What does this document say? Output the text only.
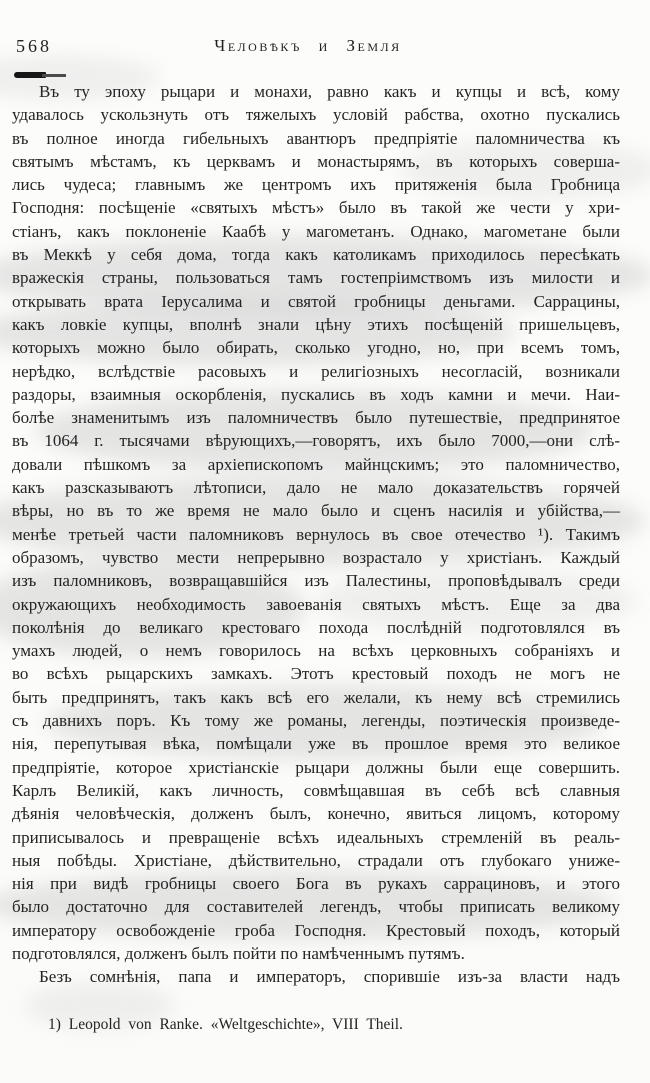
568	Человѣкъ и Земля
Въ ту эпоху рыцари и монахи, равно какъ и купцы и всѣ, кому
удавалось ускользнуть отъ тяжелыхъ условій рабства, охотно пускались
въ полное иногда гибельныхъ авантюръ предпріятіе паломничества къ
святымъ мѣстамъ, къ церквамъ и монастырямъ, въ которыхъ соверша-
лись чудеса; главнымъ же центромъ ихъ притяженія была Гробница
Господня: посѣщеніе «святыхъ мѣстъ» было въ такой же чести у хри-
стіанъ, какъ поклоненіе Каабѣ у магометанъ. Однако, магометане были
въ Меккѣ у себя дома, тогда какъ католикамъ приходилось пересѣкать
вражескія страны, пользоваться тамъ гостепріимствомъ изъ милости и
открывать врата Іерусалима и святой гробницы деньгами. Саррацины,
какъ ловкіе купцы, вполнѣ знали цѣну этихъ посѣщеній пришельцевъ,
которыхъ можно было обирать, сколько угодно, но, при всемъ томъ,
нерѣдко, вслѣдствіе расовыхъ и религіозныхъ несогласій, возникали
раздоры, взаимныя оскорбленія, пускались въ ходъ камни и мечи. Наи-
болѣе знаменитымъ изъ паломничествъ было путешествіе, предпринятое
въ 1064 г. тысячами вѣрующихъ,—говорятъ, ихъ было 7000,—они слѣ-
довали пѣшкомъ за архіепископомъ майнцскимъ; это паломничество,
какъ разсказываютъ лѣтописи, дало не мало доказательствъ горячей
вѣры, но въ то же время не мало было и сценъ насилія и убійства,—
менѣе третьей части паломниковъ вернулось въ свое отечество ¹). Такимъ
образомъ, чувство мести непрерывно возрастало у христіанъ. Каждый
изъ паломниковъ, возвращавшійся изъ Палестины, проповѣдывалъ среди
окружающихъ необходимость завоеванія святыхъ мѣстъ. Еще за два
поколѣнія до великаго крестоваго похода послѣдній подготовлялся въ
умахъ людей, о немъ говорилось на всѣхъ церковныхъ собраніяхъ и
во всѣхъ рыцарскихъ замкахъ. Этотъ крестовый походъ не могъ не
быть предпринятъ, такъ какъ всѣ его желали, къ нему всѣ стремились
съ давнихъ поръ. Къ тому же романы, легенды, поэтическія произведе-
нія, перепутывая вѣка, помѣщали уже въ прошлое время это великое
предпріятіе, которое христіанскіе рыцари должны были еще совершить.
Карлъ Великій, какъ личность, совмѣщавшая въ себѣ всѣ славныя
дѣянія человѣческія, долженъ былъ, конечно, явиться лицомъ, которому
приписывалось и превращеніе всѣхъ идеальныхъ стремленій въ реаль-
ныя побѣды. Христіане, дѣйствительно, страдали отъ глубокаго униже-
нія при видѣ гробницы своего Бога въ рукахъ саррациновъ, и этого
было достаточно для составителей легендъ, чтобы приписать великому
императору освобожденіе гроба Господня. Крестовый походъ, который
подготовлялся, долженъ былъ пойти по намѣченнымъ путямъ.
Безъ сомнѣнія, папа и императоръ, спорившіе изъ-за власти надъ
1) Leopold von Ranke. «Weltgeschichte», VIII Theil.
